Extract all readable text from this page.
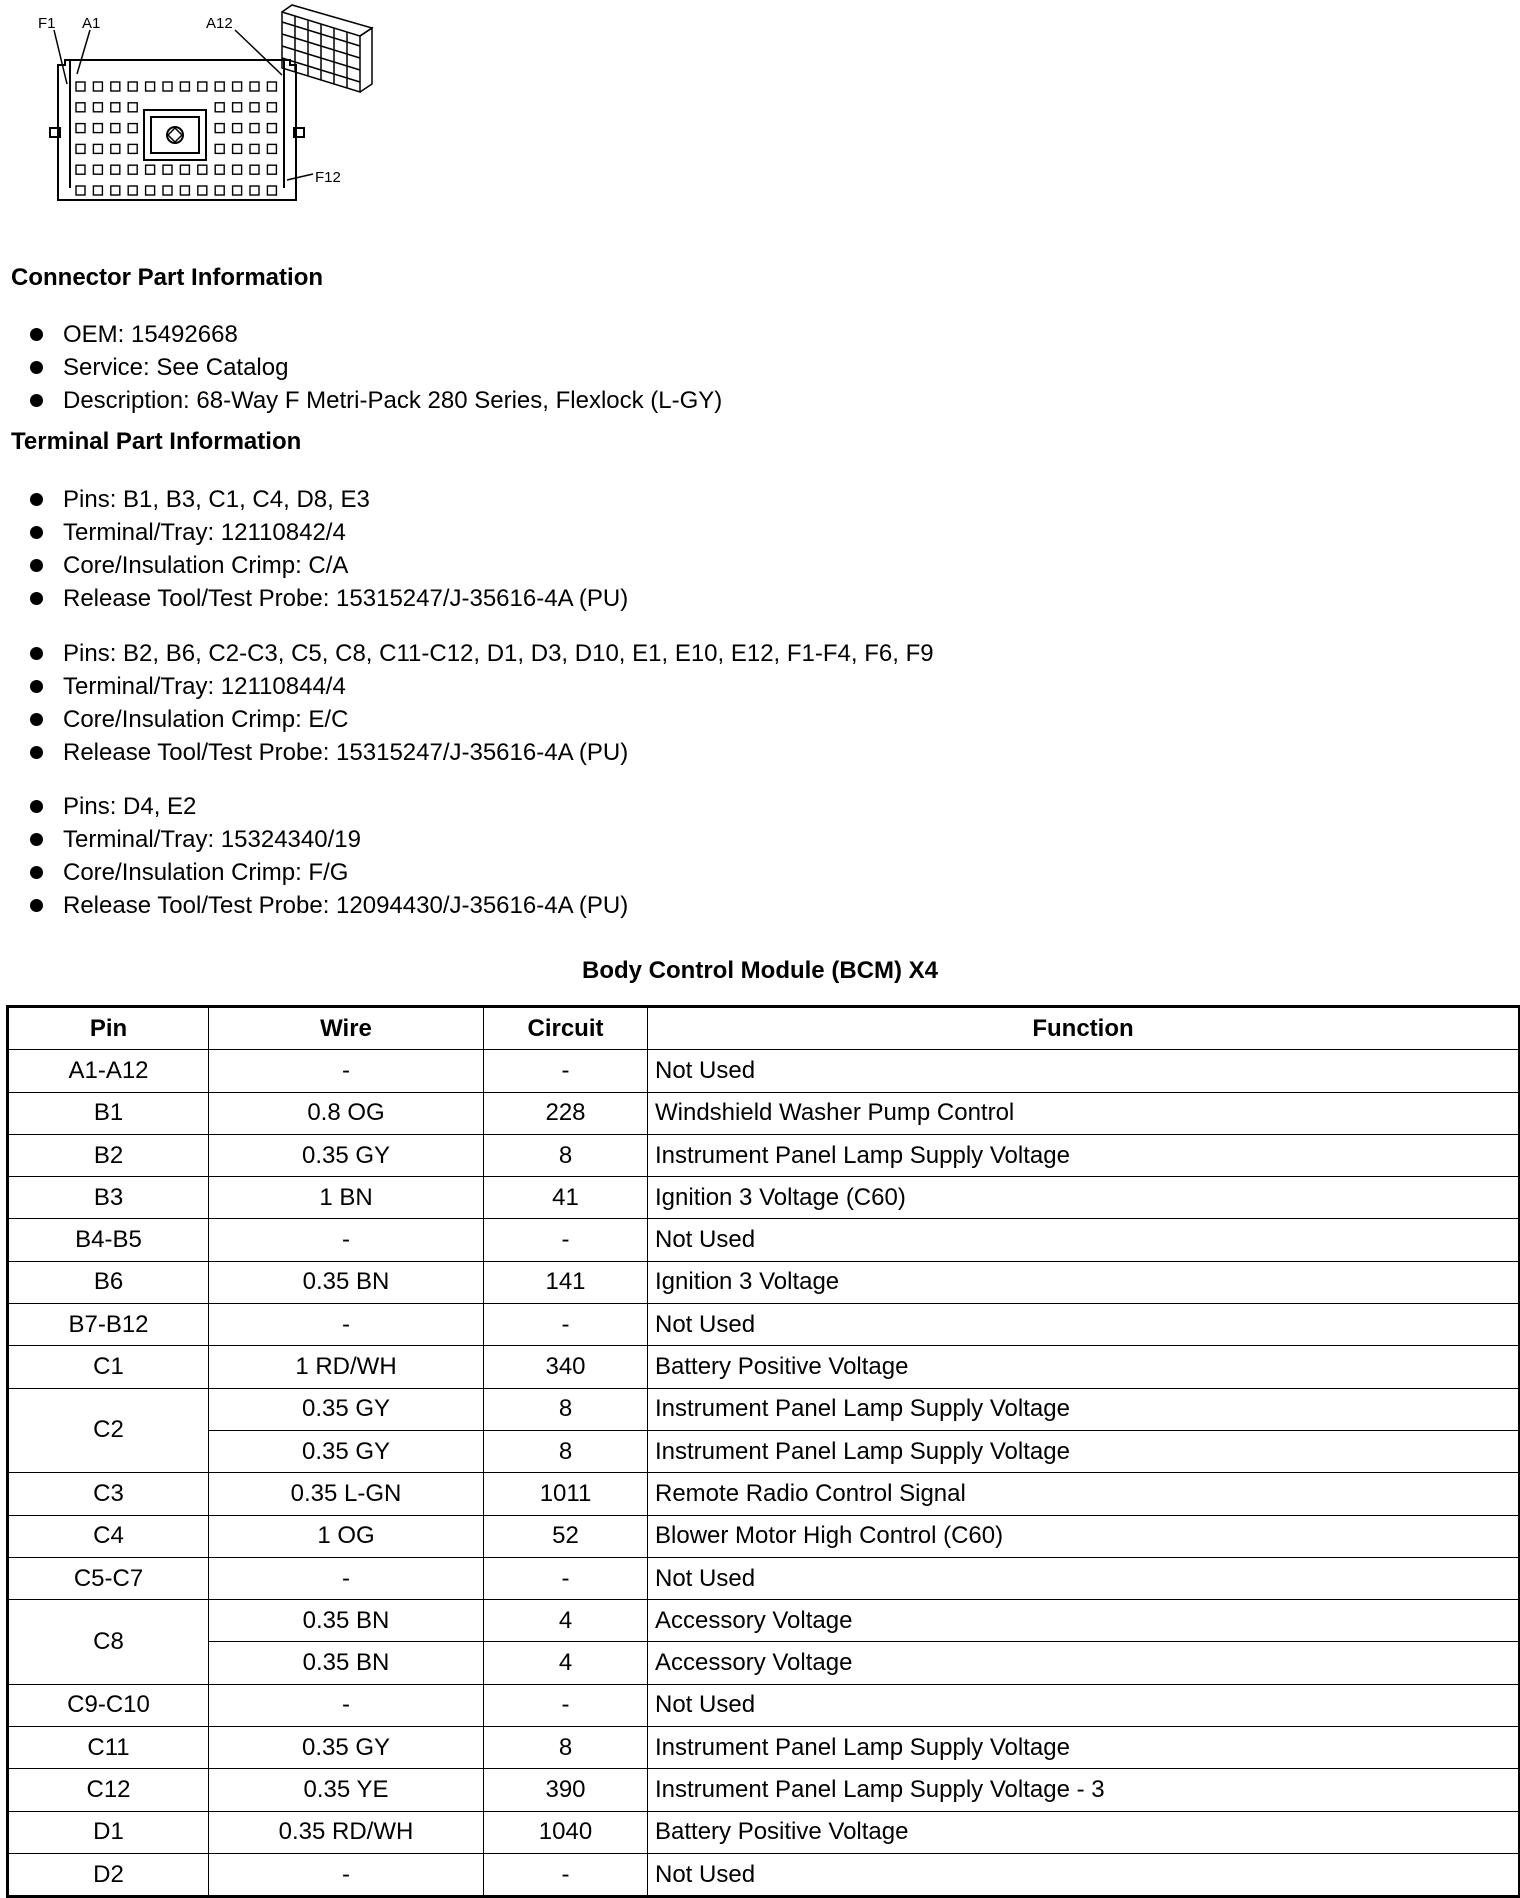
F1 A1	A12
F12
Connector Part Information
OEM: 15492668
Service: See Catalog
Description: 68-Way F Metri-Pack 280 Series, Flexlock (L-GY)
Terminal Part Information
Pins: B1, B3, C1, C4, D8, E3
Terminal/Tray: 12110842/4
Core/Insulation Crimp: C/A
Release Tool/Test Probe: 15315247/J-35616-4A (PU)
Pins: B2, B6, C2-C3, C5, C8, C11-C12, D1, D3, D10, E1, E10, E12, F1-F4, F6, F9
Terminal/Tray: 12110844/4
Core/Insulation Crimp: E/C
Release Tool/Test Probe: 15315247/J-35616-4A (PU)
Pins: D4, E2
Terminal/Tray: 15324340/19
Core/Insulation Crimp: F/G
Release Tool/Test Probe: 12094430/J-35616-4A (PU)
Body Control Module (BCM) X4
Pin	Wire	Circuit	Function
A1-A12	-	-	Not Used
B1	0.8 OG	228	Windshield Washer Pump Control
B2	0.35 GY	8	Instrument Panel Lamp Supply Voltage
B3	1 BN	41	Ignition 3 Voltage (C60)
B4-B5	-	-	Not Used
B6	0.35 BN	141	Ignition 3 Voltage
B7-B12	-	-	Not Used
C1	1 RD/WH	340	Battery Positive Voltage
C2	0.35 GY	8	Instrument Panel Lamp Supply Voltage
	0.35 GY	8	Instrument Panel Lamp Supply Voltage
C3	0.35 L-GN	1011	Remote Radio Control Signal
C4	1 OG	52	Blower Motor High Control (C60)
C5-C7	-	-	Not Used
C8	0.35 BN	4	Accessory Voltage
	0.35 BN	4	Accessory Voltage
C9-C10	-	-	Not Used
C11	0.35 GY	8	Instrument Panel Lamp Supply Voltage
C12	0.35 YE	390	Instrument Panel Lamp Supply Voltage - 3
D1	0.35 RD/WH	1040	Battery Positive Voltage
D2	-	-	Not Used
